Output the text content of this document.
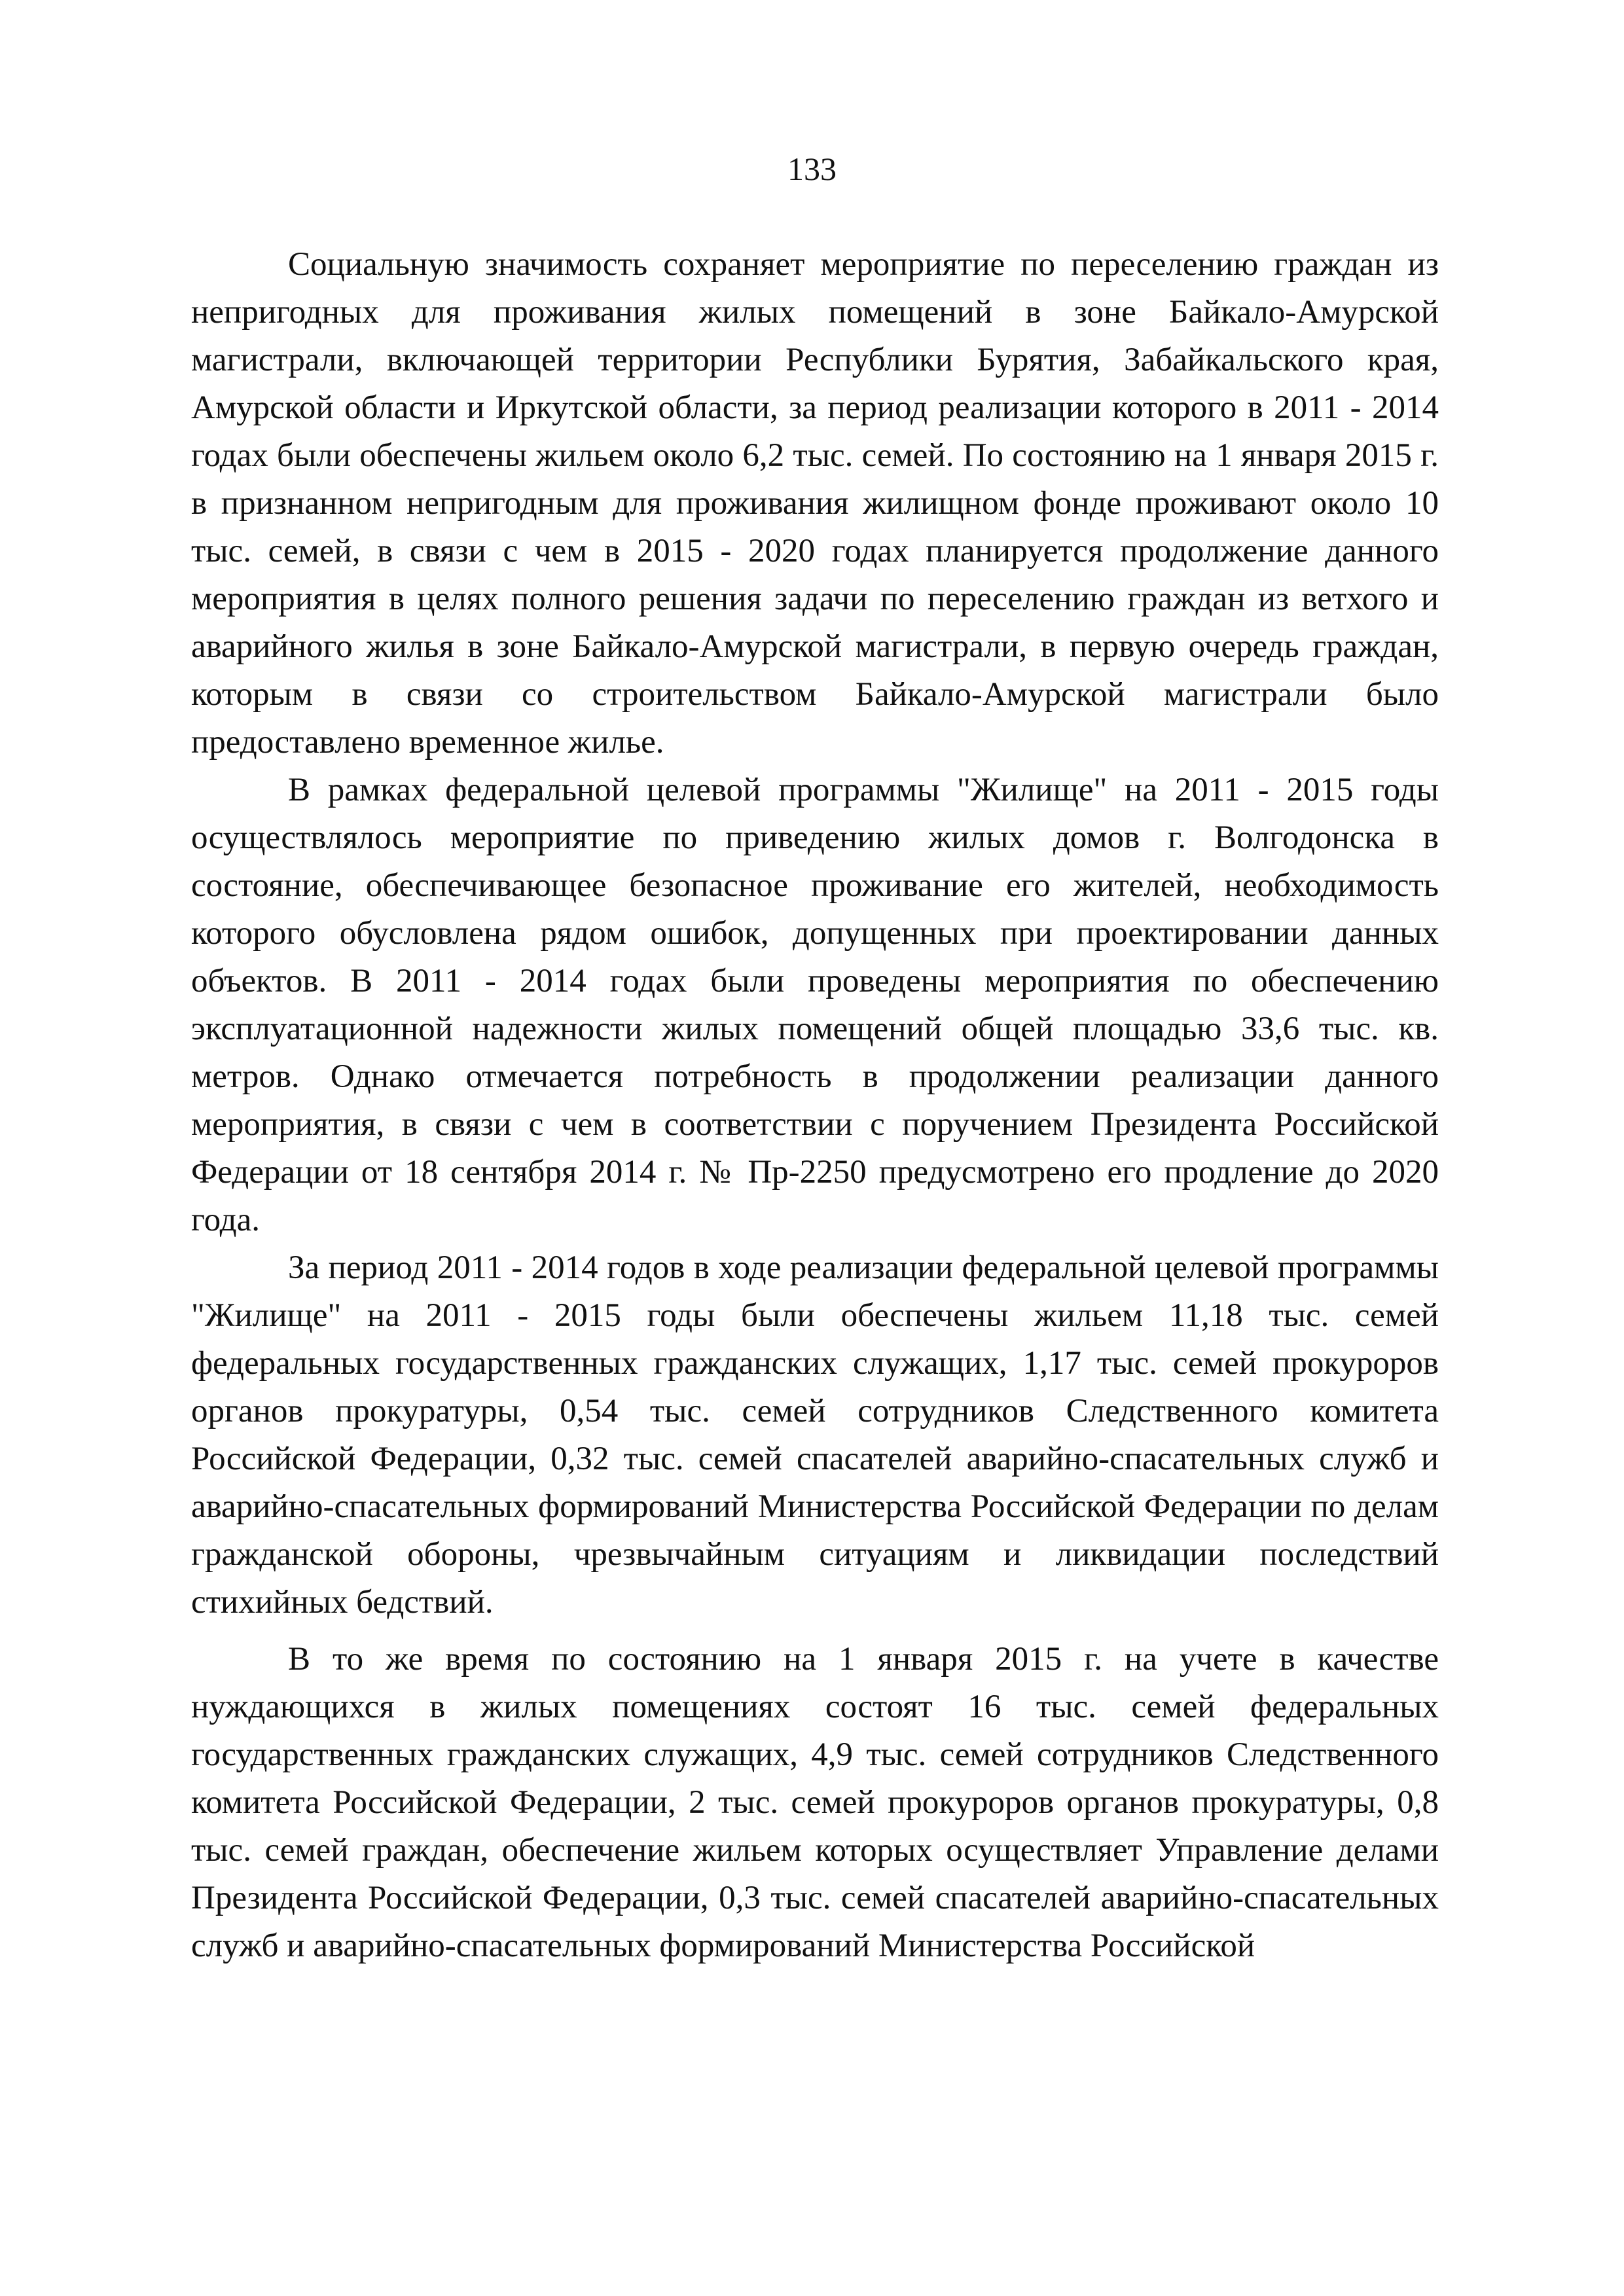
133

Социальную значимость сохраняет мероприятие по переселению граждан из непригодных для проживания жилых помещений в зоне Байкало-Амурской магистрали, включающей территории Республики Бурятия, Забайкальского края, Амурской области и Иркутской области, за период реализации которого в 2011 - 2014 годах были обеспечены жильем около 6,2 тыс. семей. По состоянию на 1 января 2015 г. в признанном непригодным для проживания жилищном фонде проживают около 10 тыс. семей, в связи с чем в 2015 - 2020 годах планируется продолжение данного мероприятия в целях полного решения задачи по переселению граждан из ветхого и аварийного жилья в зоне Байкало-Амурской магистрали, в первую очередь граждан, которым в связи со строительством Байкало-Амурской магистрали было предоставлено временное жилье.

В рамках федеральной целевой программы "Жилище" на 2011 - 2015 годы осуществлялось мероприятие по приведению жилых домов г. Волгодонска в состояние, обеспечивающее безопасное проживание его жителей, необходимость которого обусловлена рядом ошибок, допущенных при проектировании данных объектов. В 2011 - 2014 годах были проведены мероприятия по обеспечению эксплуатационной надежности жилых помещений общей площадью 33,6 тыс. кв. метров. Однако отмечается потребность в продолжении реализации данного мероприятия, в связи с чем в соответствии с поручением Президента Российской Федерации от 18 сентября 2014 г. № Пр-2250 предусмотрено его продление до 2020 года.

За период 2011 - 2014 годов в ходе реализации федеральной целевой программы "Жилище" на 2011 - 2015 годы были обеспечены жильем 11,18 тыс. семей федеральных государственных гражданских служащих, 1,17 тыс. семей прокуроров органов прокуратуры, 0,54 тыс. семей сотрудников Следственного комитета Российской Федерации, 0,32 тыс. семей спасателей аварийно-спасательных служб и аварийно-спасательных формирований Министерства Российской Федерации по делам гражданской обороны, чрезвычайным ситуациям и ликвидации последствий стихийных бедствий.

В то же время по состоянию на 1 января 2015 г. на учете в качестве нуждающихся в жилых помещениях состоят 16 тыс. семей федеральных государственных гражданских служащих, 4,9 тыс. семей сотрудников Следственного комитета Российской Федерации, 2 тыс. семей прокуроров органов прокуратуры, 0,8 тыс. семей граждан, обеспечение жильем которых осуществляет Управление делами Президента Российской Федерации, 0,3 тыс. семей спасателей аварийно-спасательных служб и аварийно-спасательных формирований Министерства Российской
